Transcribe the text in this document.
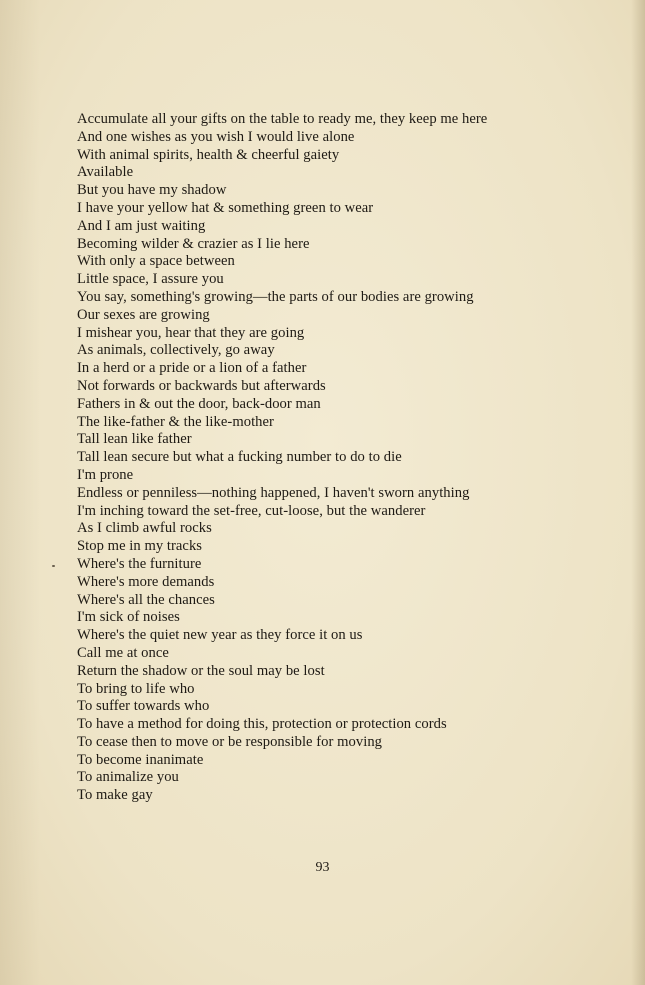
Accumulate all your gifts on the table to ready me, they keep me here
And one wishes as you wish I would live alone
With animal spirits, health & cheerful gaiety
Available
But you have my shadow
I have your yellow hat & something green to wear
And I am just waiting
Becoming wilder & crazier as I lie here
With only a space between
Little space, I assure you
You say, something's growing—the parts of our bodies are growing
Our sexes are growing
I mishear you, hear that they are going
As animals, collectively, go away
In a herd or a pride or a lion of a father
Not forwards or backwards but afterwards
Fathers in & out the door, back-door man
The like-father & the like-mother
Tall lean like father
Tall lean secure but what a fucking number to do to die
I'm prone
Endless or penniless—nothing happened, I haven't sworn anything
I'm inching toward the set-free, cut-loose, but the wanderer
As I climb awful rocks
Stop me in my tracks
Where's the furniture
Where's more demands
Where's all the chances
I'm sick of noises
Where's the quiet new year as they force it on us
Call me at once
Return the shadow or the soul may be lost
To bring to life who
To suffer towards who
To have a method for doing this, protection or protection cords
To cease then to move or be responsible for moving
To become inanimate
To animalize you
To make gay
93
